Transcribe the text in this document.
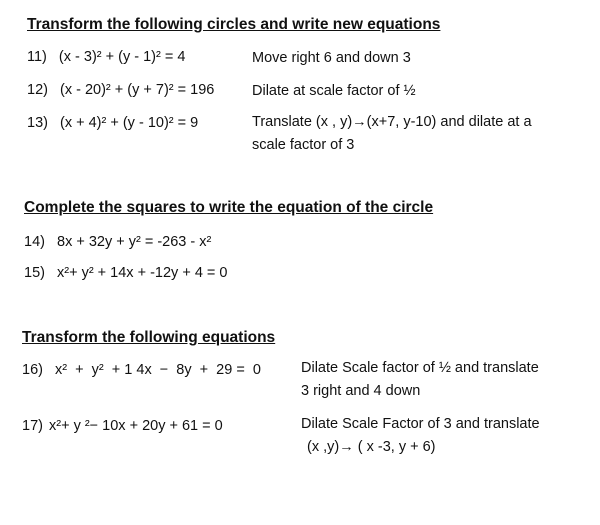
Transform the following circles and write new equations
11) (x - 3)² + (y - 1)² = 4	Move right 6 and down 3
12) (x - 20)² + (y + 7)² = 196	Dilate at scale factor of ½
13) (x + 4)² + (y - 10)² = 9	Translate (x , y)→(x+7, y-10) and dilate at a
scale factor of 3
Complete the squares to write the equation of the circle
14) 8x + 32y + y² = -263 - x²
15) x²+ y² + 14x + -12y + 4 = 0
Transform the following equations
16) x²  +  y²  + 1 4x  −  8y  +  29 =  0	Dilate Scale factor of ½ and translate
3 right and 4 down
17) x²+ y ²− 10x + 20y + 61 = 0	Dilate Scale Factor of 3 and translate
(x ,y)→ ( x -3, y + 6)
